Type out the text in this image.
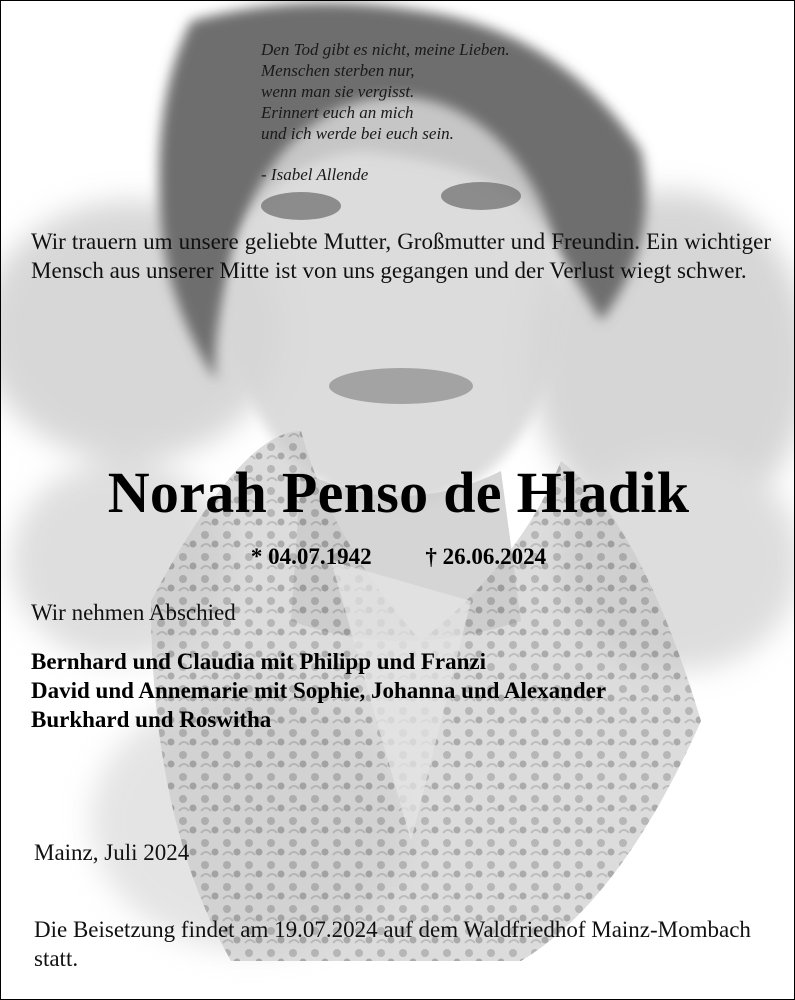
Den Tod gibt es nicht, meine Lieben.
Menschen sterben nur,
wenn man sie vergisst.
Erinnert euch an mich
und ich werde bei euch sein.
- Isabel Allende
Wir trauern um unsere geliebte Mutter, Großmutter und Freundin. Ein wichtiger Mensch aus unserer Mitte ist von uns gegangen und der Verlust wiegt schwer.
Norah Penso de Hladik
* 04.07.1942 † 26.06.2024
Wir nehmen Abschied
Bernhard und Claudia mit Philipp und Franzi
David und Annemarie mit Sophie, Johanna und Alexander
Burkhard und Roswitha
Mainz, Juli 2024
Die Beisetzung findet am 19.07.2024 auf dem Waldfriedhof Mainz-Mombach statt.
